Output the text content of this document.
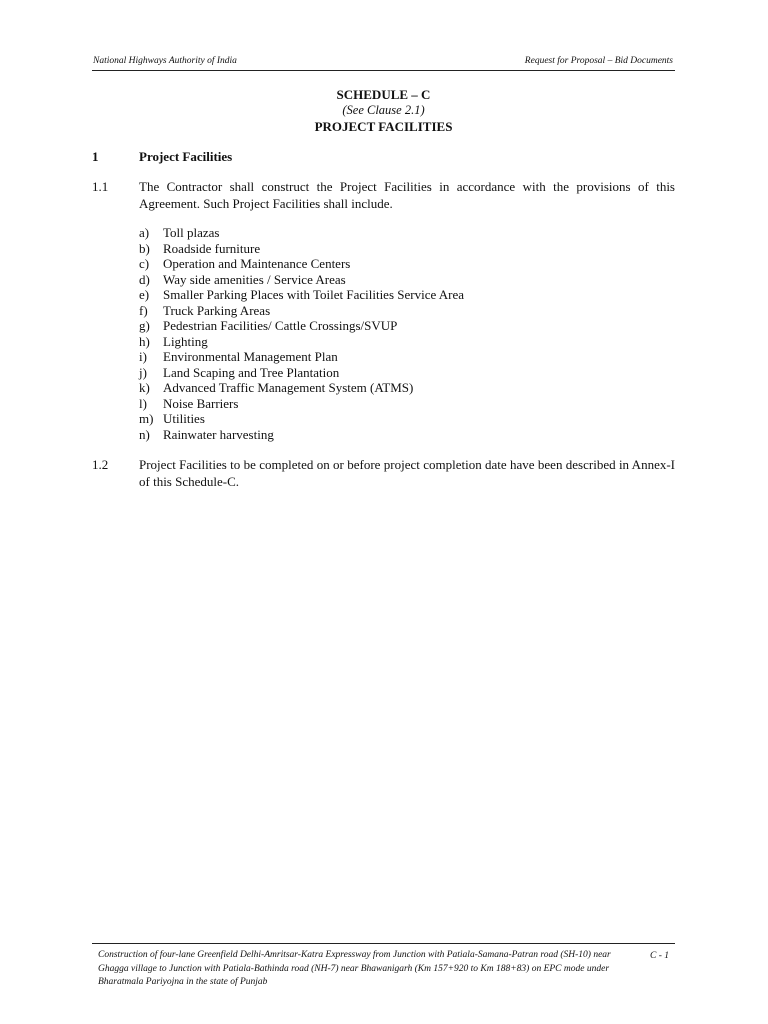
National Highways Authority of India	Request for Proposal – Bid Documents
SCHEDULE – C
(See Clause 2.1)
PROJECT FACILITIES
1	Project Facilities
1.1 The Contractor shall construct the Project Facilities in accordance with the provisions of this Agreement. Such Project Facilities shall include.
a) Toll plazas
b) Roadside furniture
c) Operation and Maintenance Centers
d) Way side amenities / Service Areas
e) Smaller Parking Places with Toilet Facilities Service Area
f) Truck Parking Areas
g) Pedestrian Facilities/ Cattle Crossings/SVUP
h) Lighting
i) Environmental Management Plan
j) Land Scaping and Tree Plantation
k) Advanced Traffic Management System (ATMS)
l) Noise Barriers
m) Utilities
n) Rainwater harvesting
1.2 Project Facilities to be completed on or before project completion date have been described in Annex-I of this Schedule-C.
Construction of four-lane Greenfield Delhi-Amritsar-Katra Expressway from Junction with Patiala-Samana-Patran road (SH-10) near Ghagga village to Junction with Patiala-Bathinda road (NH-7) near Bhawanigarh (Km 157+920 to Km 188+83) on EPC mode under Bharatmala Pariyojna in the state of Punjab
C - 1
